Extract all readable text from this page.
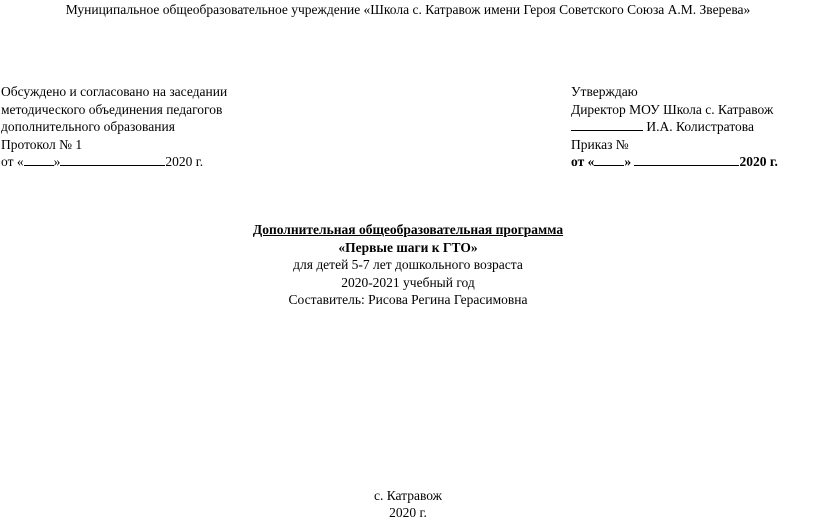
Муниципальное общеобразовательное учреждение «Школа с. Катравож имени Героя Советского Союза А.М. Зверева»
Обсуждено и согласовано на заседании
методического объединения педагогов
дополнительного образования
Протокол № 1
от « »	2020 г.
Утверждаю
Директор МОУ Школа с. Катравож
И.А. Колистратова
Приказ №
от « »	2020 г.
Дополнительная общеобразовательная программа
«Первые шаги к ГТО»
для детей 5-7 лет дошкольного возраста
2020-2021 учебный год
Составитель: Рисова Регина Герасимовна
с. Катравож
2020 г.
